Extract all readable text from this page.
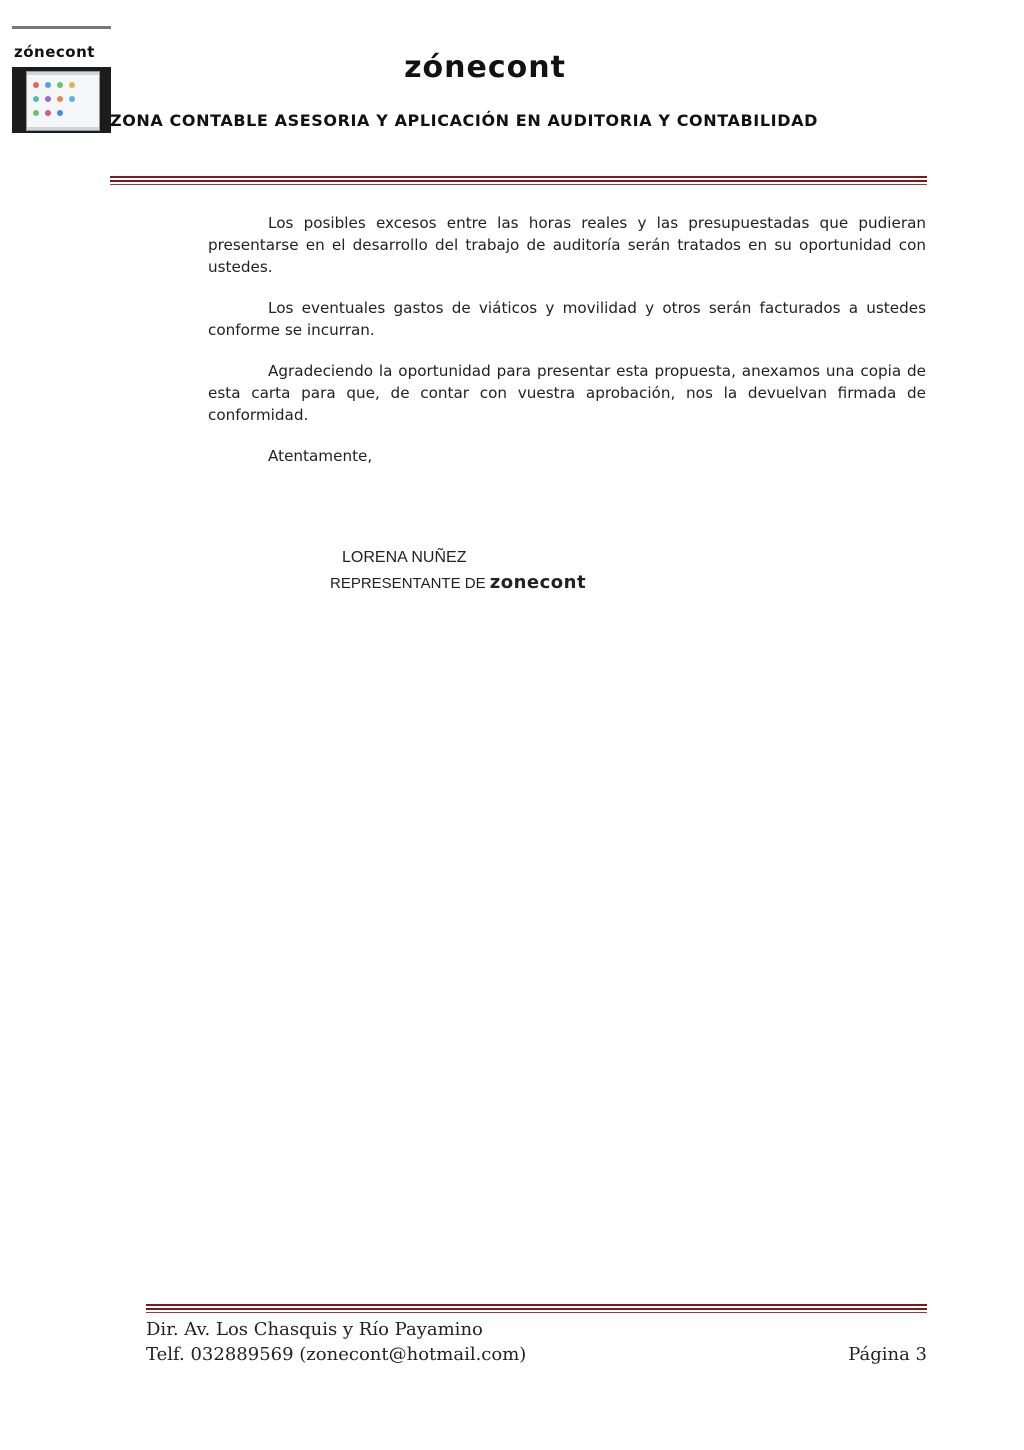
zónecont	zónecont
ZONA CONTABLE ASESORIA Y APLICACIÓN EN AUDITORIA Y CONTABILIDAD

Los posibles excesos entre las horas reales y las presupuestadas que pudieran presentarse en el desarrollo del trabajo de auditoría serán tratados en su oportunidad con ustedes.

Los eventuales gastos de viáticos y movilidad y otros serán facturados a ustedes conforme se incurran.

Agradeciendo la oportunidad para presentar esta propuesta, anexamos una copia de esta carta para que, de contar con vuestra aprobación, nos la devuelvan firmada de conformidad.

Atentamente,

LORENA NUÑEZ
REPRESENTANTE DE zonecont
Dir. Av. Los Chasquis y Río Payamino
Telf. 032889569 (zonecont@hotmail.com)	Página 3
